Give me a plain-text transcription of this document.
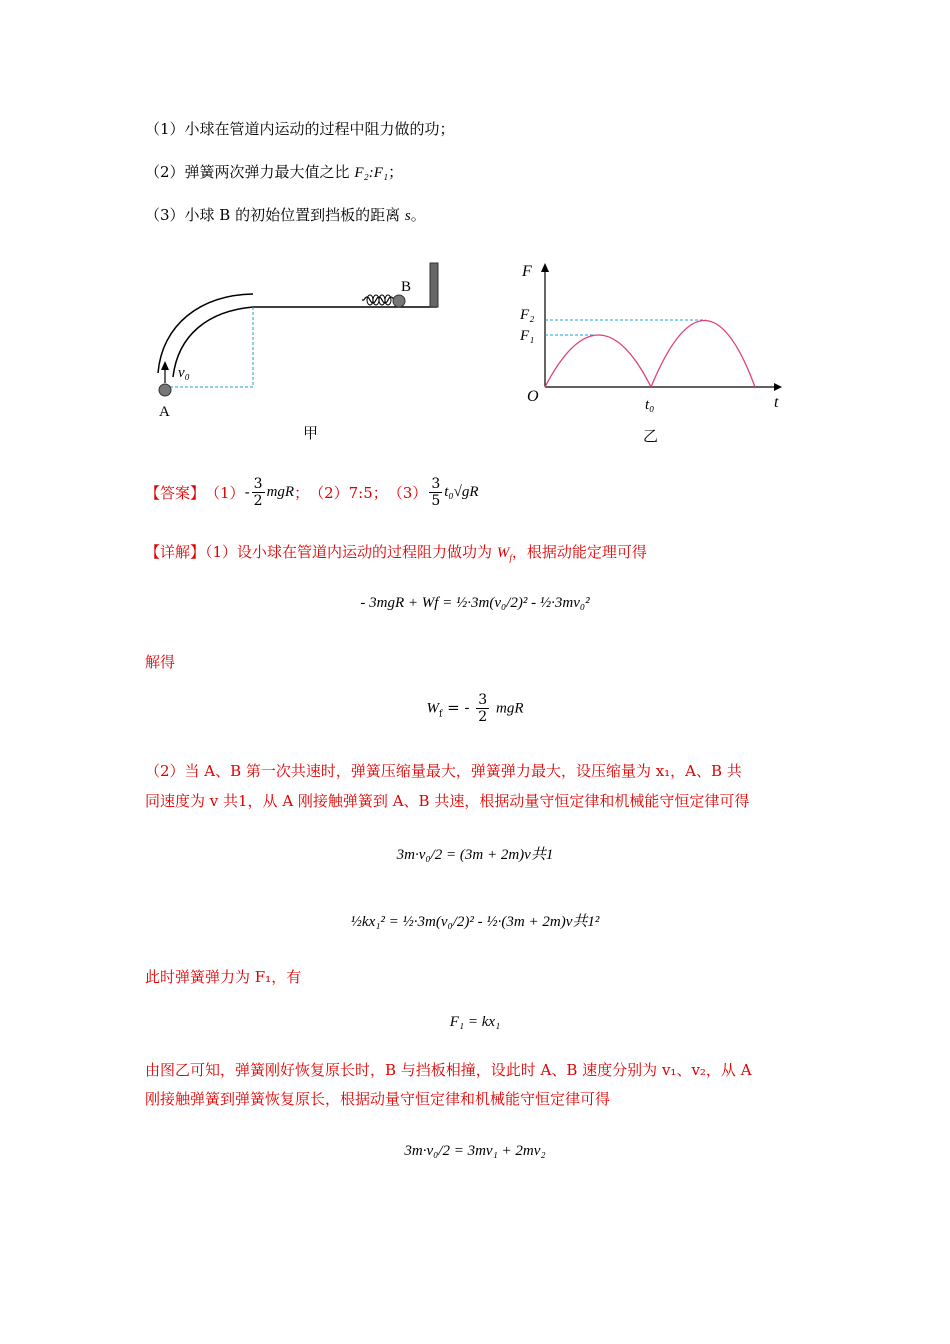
（1）小球在管道内运动的过程中阻力做的功；
（2）弹簧两次弹力最大值之比 F₂:F₁；
（3）小球 B 的初始位置到挡板的距离 s。
B
v₀
A
甲
F
F₂
F₁
O	t₀	t
乙
【答案】 $(1) - \frac{3}{2}$ mgR ； （2）7:5； $(3) \frac{3}{5} t_0√gR$
【详解】（1）设小球在管道内运动的过程阻力做功为 $W_f$，根据动能定理可得
- 3mgR + Wf = ½·3m(v₀/2)² - ½·3mv₀²
解得
$W_f$ = - $\frac{3}{2}$ mgR
（2）当 A、B 第一次共速时，弹簧压缩量最大，弹簧弹力最大，设压缩量为 x₁，A、B 共
同速度为 v 共1，从 A 刚接触弹簧到 A、B 共速，根据动量守恒定律和机械能守恒定律可得
3m·v₀/2 = (3m + 2m)v共1
½kx₁² = ½·3m(v₀/2)² - ½·(3m + 2m)v共1²
此时弹簧弹力为 F₁，有
F₁ = kx₁
由图乙可知，弹簧刚好恢复原长时，B 与挡板相撞，设此时 A、B 速度分别为 v₁、v₂，从 A
刚接触弹簧到弹簧恢复原长，根据动量守恒定律和机械能守恒定律可得
3m·v₀/2 = 3mv₁ + 2mv₂
